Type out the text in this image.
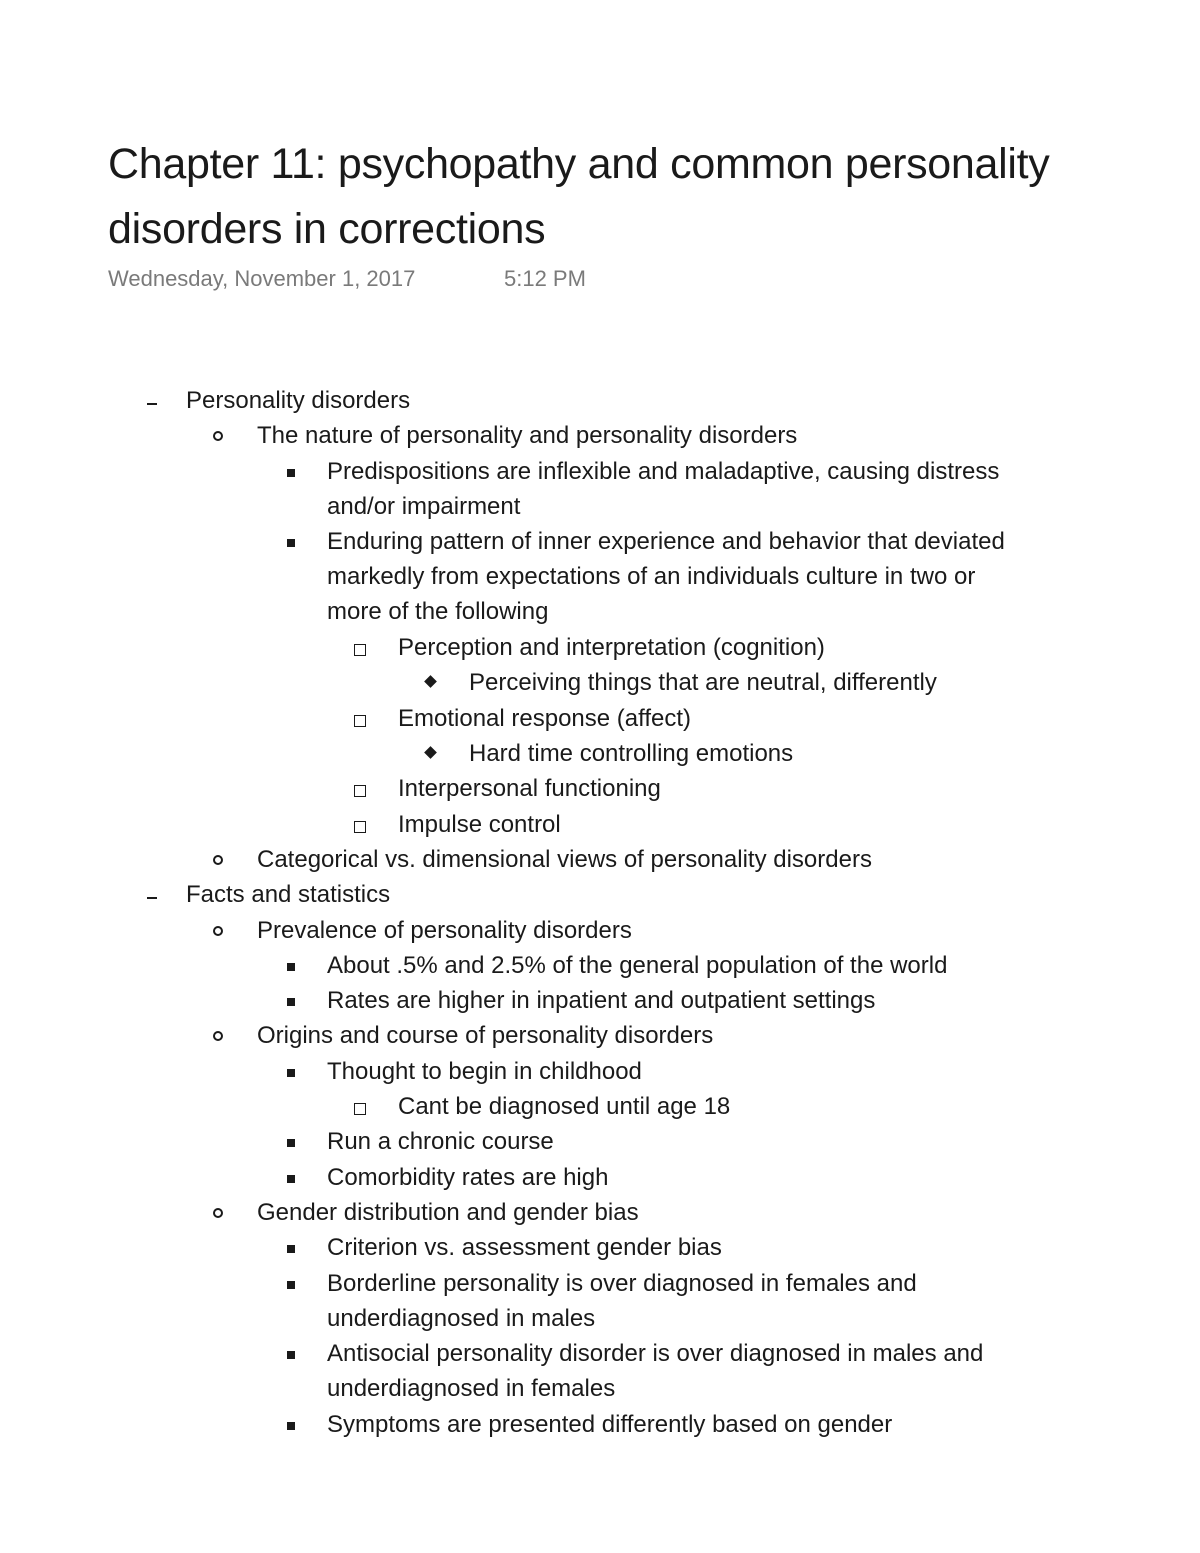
Chapter 11: psychopathy and common personality
disorders in corrections
Wednesday, November 1, 2017	5:12 PM
Personality disorders
The nature of personality and personality disorders
Predispositions are inflexible and maladaptive, causing distress
and/or impairment
Enduring pattern of inner experience and behavior that deviated
markedly from expectations of an individuals culture in two or
more of the following
Perception and interpretation (cognition)
Perceiving things that are neutral, differently
Emotional response (affect)
Hard time controlling emotions
Interpersonal functioning
Impulse control
Categorical vs. dimensional views of personality disorders
Facts and statistics
Prevalence of personality disorders
About .5% and 2.5% of the general population of the world
Rates are higher in inpatient and outpatient settings
Origins and course of personality disorders
Thought to begin in childhood
Cant be diagnosed until age 18
Run a chronic course
Comorbidity rates are high
Gender distribution and gender bias
Criterion vs. assessment gender bias
Borderline personality is over diagnosed in females and
underdiagnosed in males
Antisocial personality disorder is over diagnosed in males and
underdiagnosed in females
Symptoms are presented differently based on gender
